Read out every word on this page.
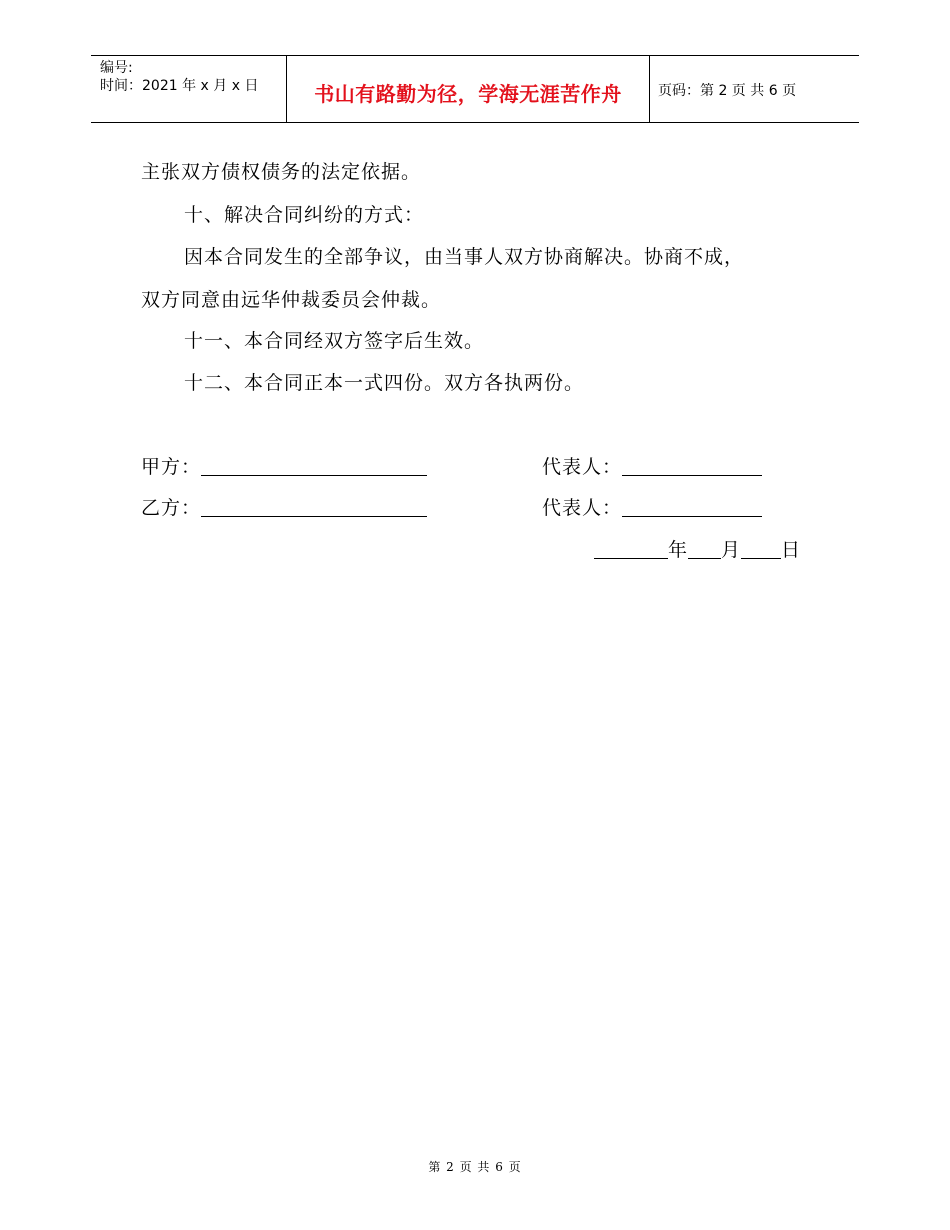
编号:
时间：2021 年 x 月 x 日	书山有路勤为径，学海无涯苦作舟	页码：第 2 页 共 6 页
主张双方债权债务的法定依据。
十、解决合同纠纷的方式：
因本合同发生的全部争议，由当事人双方协商解决。协商不成，
双方同意由远华仲裁委员会仲裁。
十一、本合同经双方签字后生效。
十二、本合同正本一式四份。双方各执两份。
甲方：	代表人：
乙方：	代表人：
年 月 日
第 2 页 共 6 页
